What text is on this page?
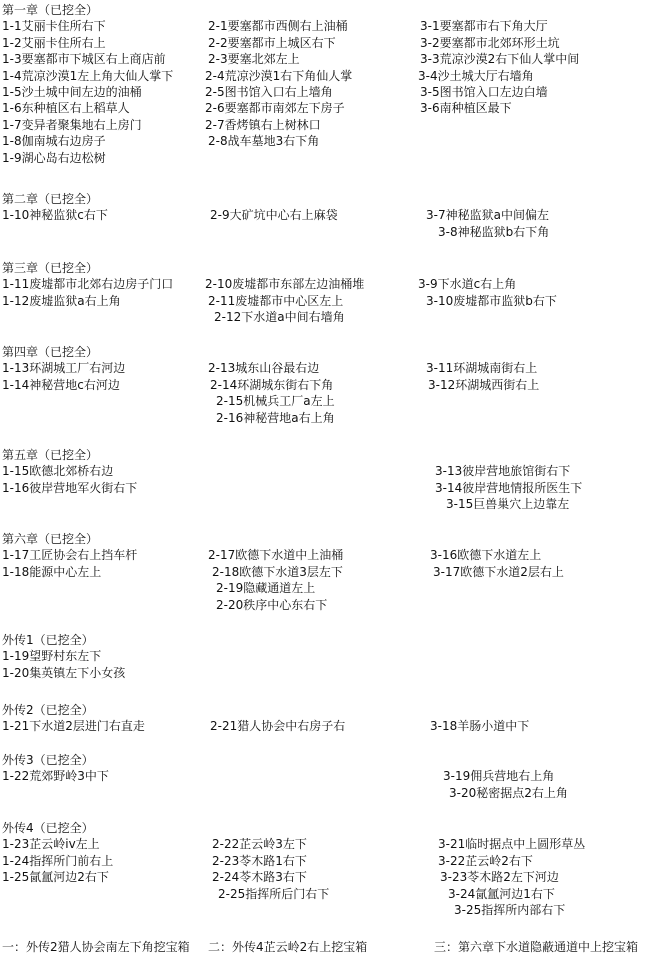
第一章（已挖全）
1-1艾丽卡住所右下	2-1要塞都市西侧右上油桶	3-1要塞都市右下角大厅
1-2艾丽卡住所右上	2-2要塞都市上城区右下	3-2要塞都市北郊环形土坑
1-3要塞都市下城区右上商店前	2-3要塞北郊左上	3-3荒凉沙漠2右下仙人掌中间
1-4荒凉沙漠1左上角大仙人掌下	2-4荒凉沙漠1右下角仙人掌	3-4沙土城大厅右墙角
1-5沙土城中间左边的油桶	2-5图书馆入口右上墙角	3-5图书馆入口左边白墙
1-6东种植区右上稻草人	2-6要塞都市南郊左下房子	3-6南种植区最下
1-7变异者聚集地右上房门	2-7香烤镇右上树林口
1-8伽南城右边房子	2-8战车墓地3右下角
1-9湖心岛右边松树
第二章（已挖全）
1-10神秘监狱c右下	2-9大矿坑中心右上麻袋	3-7神秘监狱a中间偏左
3-8神秘监狱b右下角
第三章（已挖全）
1-11废墟都市北郊右边房子门口	2-10废墟都市东部左边油桶堆	3-9下水道c右上角
1-12废墟监狱a右上角	2-11废墟都市中心区左上	3-10废墟都市监狱b右下
2-12下水道a中间右墙角
第四章（已挖全）
1-13环湖城工厂右河边	2-13城东山谷最右边	3-11环湖城南街右上
1-14神秘营地c右河边	2-14环湖城东街右下角	3-12环湖城西街右上
2-15机械兵工厂a左上
2-16神秘营地a右上角
第五章（已挖全）
1-15欧德北郊桥右边	3-13彼岸营地旅馆街右下
1-16彼岸营地军火街右下	3-14彼岸营地情报所医生下
3-15巨兽巢穴上边靠左
第六章（已挖全）
1-17工匠协会右上挡车杆	2-17欧德下水道中上油桶	3-16欧德下水道左上
1-18能源中心左上	2-18欧德下水道3层左下	3-17欧德下水道2层右上
2-19隐藏通道左上
2-20秩序中心东右下
外传1（已挖全）
1-19望野村东左下
1-20集英镇左下小女孩
外传2（已挖全）
1-21下水道2层进门右直走	2-21猎人协会中右房子右	3-18羊肠小道中下
外传3（已挖全）
1-22荒郊野岭3中下	3-19佣兵营地右上角
3-20秘密据点2右上角
外传4（已挖全）
1-23芷云岭iv左上	2-22芷云岭3左下	3-21临时据点中上圆形草丛
1-24指挥所门前右上	2-23苓木路1右下	3-22芷云岭2右下
1-25氤氲河边2右下	2-24苓木路3右下	3-23苓木路2左下河边
2-25指挥所后门右下	3-24氤氲河边1右下
3-25指挥所内部右下
一：外传2猎人协会南左下角挖宝箱 二：外传4芷云岭2右上挖宝箱	三：第六章下水道隐蔽通道中上挖宝箱
